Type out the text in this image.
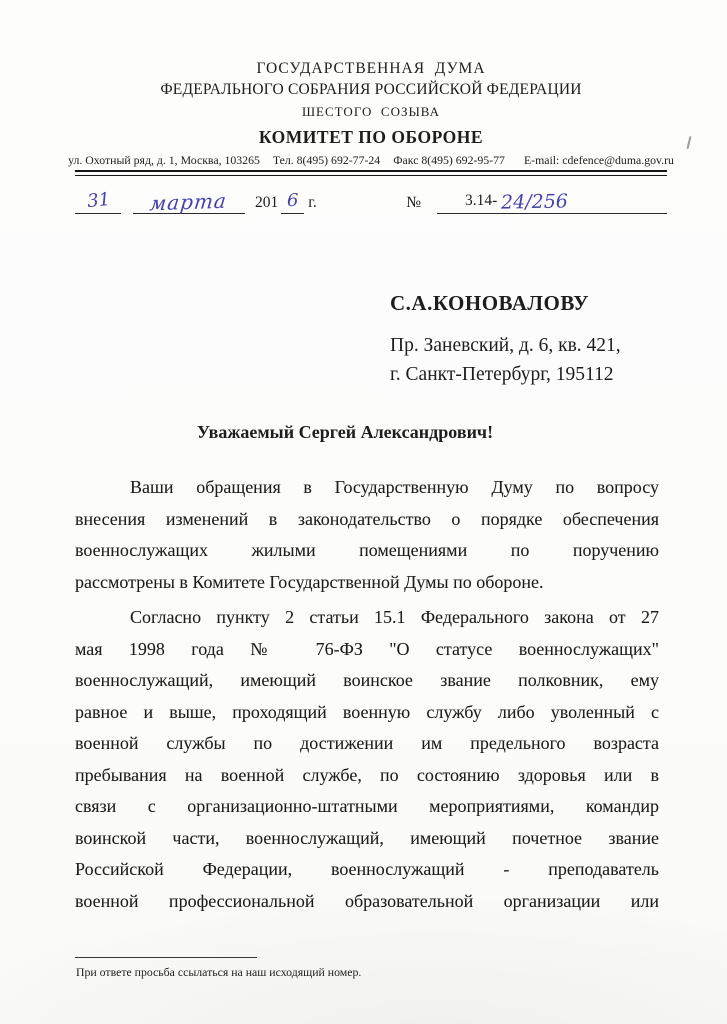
ГОСУДАРСТВЕННАЯ  ДУМА
ФЕДЕРАЛЬНОГО СОБРАНИЯ РОССИЙСКОЙ ФЕДЕРАЦИИ
ШЕСТОГО  СОЗЫВА
КОМИТЕТ ПО ОБОРОНЕ
ул. Охотный ряд, д. 1, Москва, 103265 Тел. 8(495) 692-77-24 Факс 8(495) 692-95-77 E-mail: cdefence@duma.gov.ru
31	марта	201 6 г.	№	3.14- 24/256
С.А.КОНОВАЛОВУ
Пр. Заневский, д. 6, кв. 421,
г. Санкт-Петербург, 195112
Уважаемый Сергей Александрович!
Ваши обращения в Государственную Думу по вопросу
внесения изменений в законодательство о порядке обеспечения
военнослужащих жилыми помещениями по поручению
рассмотрены в Комитете Государственной Думы по обороне.
Согласно пункту 2 статьи 15.1 Федерального закона от 27
мая 1998 года № 76-ФЗ "О статусе военнослужащих"
военнослужащий, имеющий воинское звание полковник, ему
равное и выше, проходящий военную службу либо уволенный с
военной службы по достижении им предельного возраста
пребывания на военной службе, по состоянию здоровья или в
связи с организационно-штатными мероприятиями, командир
воинской части, военнослужащий, имеющий почетное звание
Российской Федерации, военнослужащий - преподаватель
военной профессиональной образовательной организации или
При ответе просьба ссылаться на наш исходящий номер.
